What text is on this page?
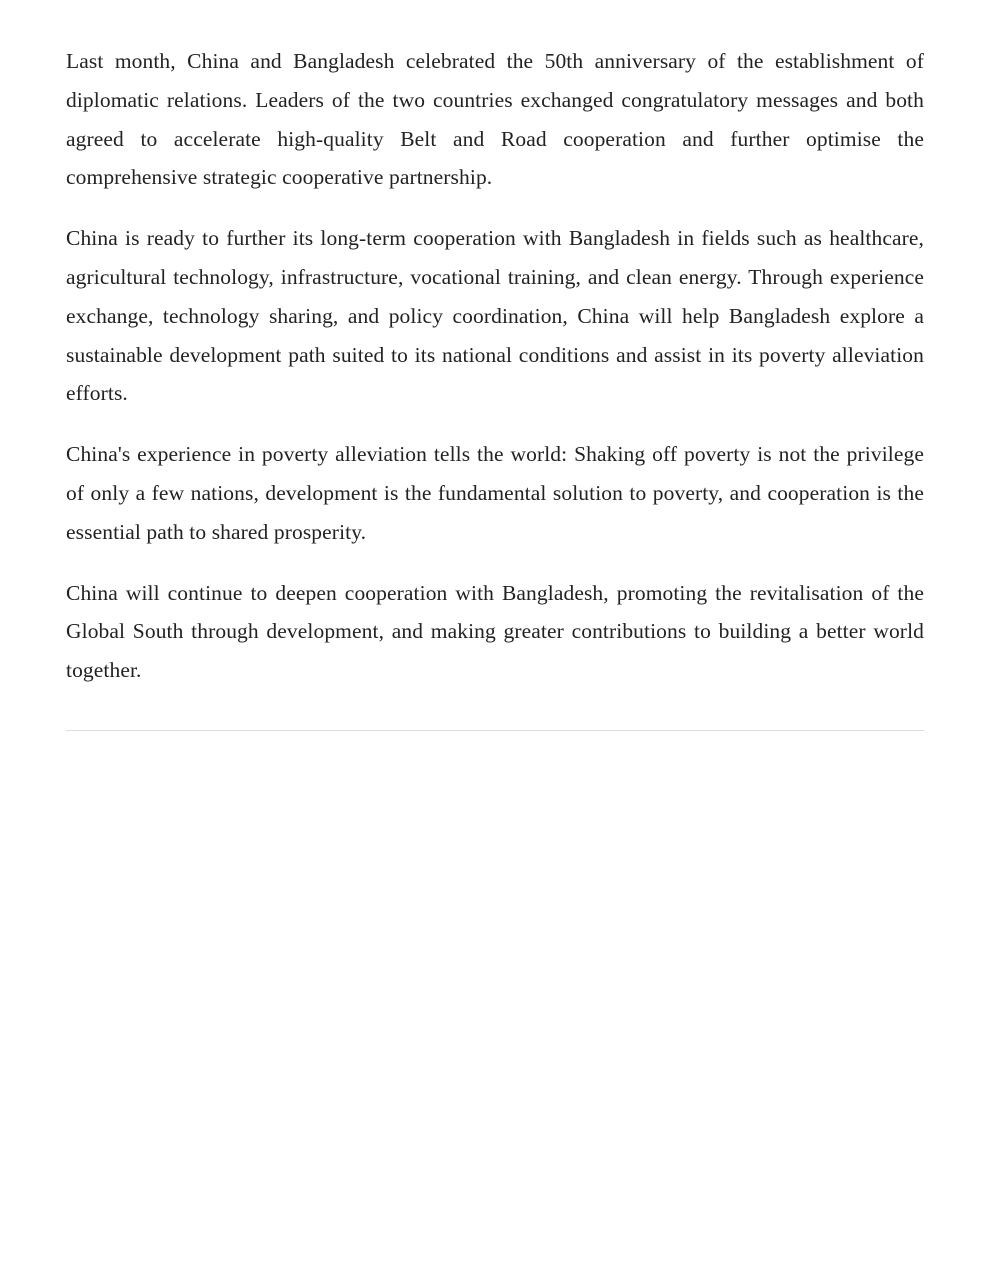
Last month, China and Bangladesh celebrated the 50th anniversary of the establishment of diplomatic relations. Leaders of the two countries exchanged congratulatory messages and both agreed to accelerate high-quality Belt and Road cooperation and further optimise the comprehensive strategic cooperative partnership.

China is ready to further its long-term cooperation with Bangladesh in fields such as healthcare, agricultural technology, infrastructure, vocational training, and clean energy. Through experience exchange, technology sharing, and policy coordination, China will help Bangladesh explore a sustainable development path suited to its national conditions and assist in its poverty alleviation efforts.

China's experience in poverty alleviation tells the world: Shaking off poverty is not the privilege of only a few nations, development is the fundamental solution to poverty, and cooperation is the essential path to shared prosperity.

China will continue to deepen cooperation with Bangladesh, promoting the revitalisation of the Global South through development, and making greater contributions to building a better world together.
